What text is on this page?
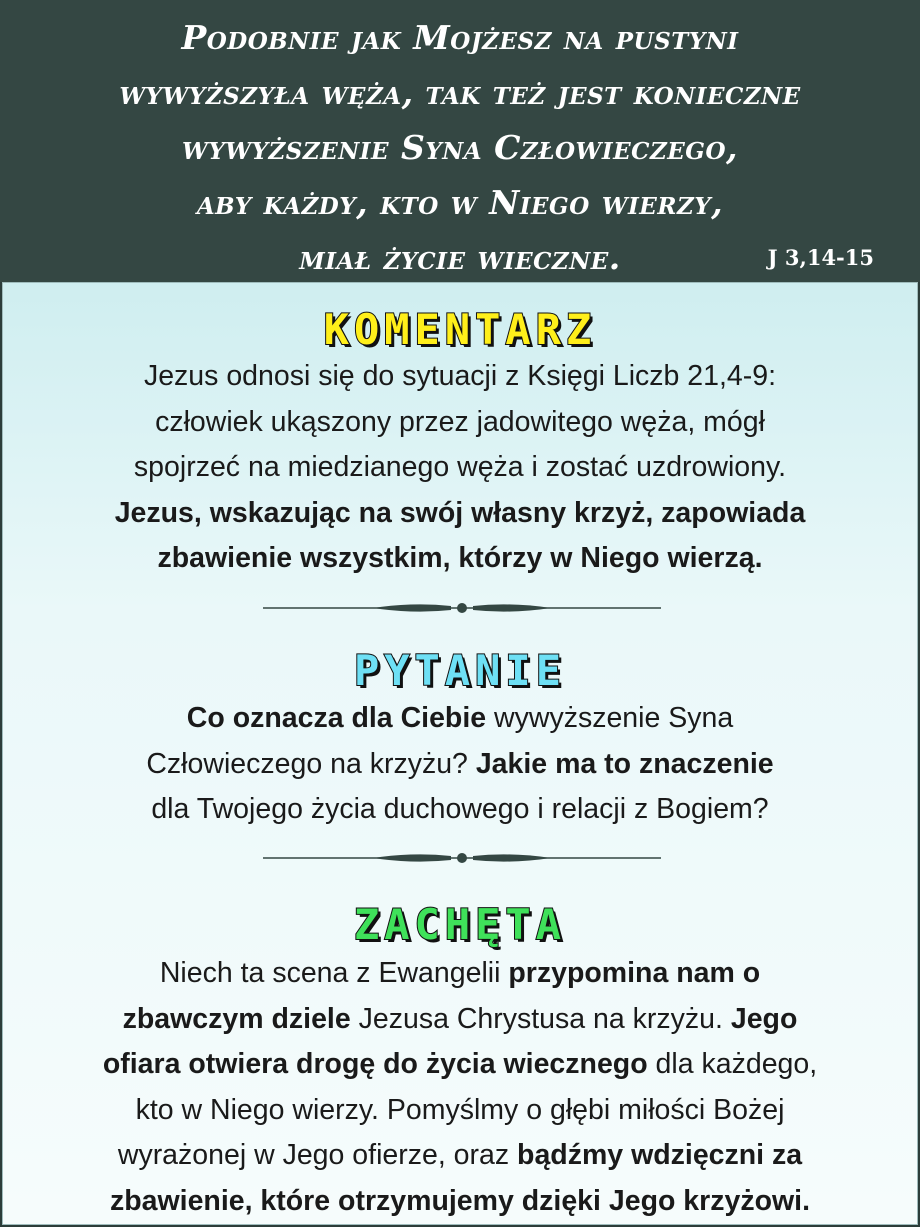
Podobnie jak Mojżesz na pustyni
wywyższyła węża, tak też jest konieczne
wywyższenie Syna Człowieczego,
aby każdy, kto w Niego wierzy,
miał życie wieczne.	J 3,14-15
KOMENTARZ
Jezus odnosi się do sytuacji z Księgi Liczb 21,4-9:
człowiek ukąszony przez jadowitego węża, mógł
spojrzeć na miedzianego węża i zostać uzdrowiony.
Jezus, wskazując na swój własny krzyż, zapowiada
zbawienie wszystkim, którzy w Niego wierzą.
PYTANIE
Co oznacza dla Ciebie wywyższenie Syna
Człowieczego na krzyżu? Jakie ma to znaczenie
dla Twojego życia duchowego i relacji z Bogiem?
ZACHĘTA
Niech ta scena z Ewangelii przypomina nam o
zbawczym dziele Jezusa Chrystusa na krzyżu. Jego
ofiara otwiera drogę do życia wiecznego dla każdego,
kto w Niego wierzy. Pomyślmy o głębi miłości Bożej
wyrażonej w Jego ofierze, oraz bądźmy wdzięczni za
zbawienie, które otrzymujemy dzięki Jego krzyżowi.
